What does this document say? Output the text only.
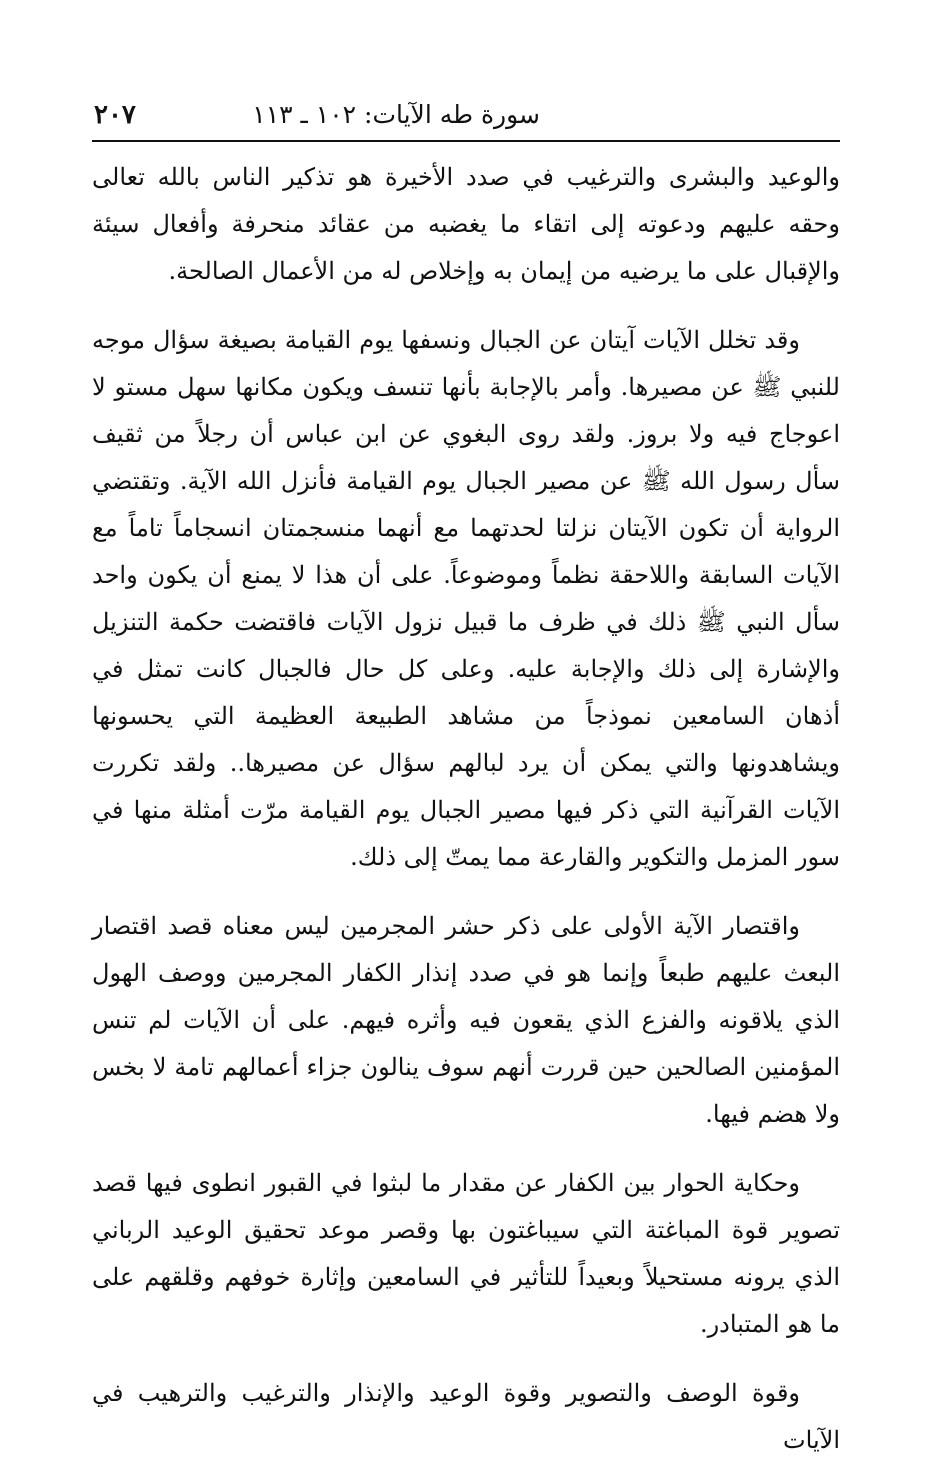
سورة طه الآيات: ١٠٢ ـ ١١٣
٢٠٧

والوعيد والبشرى والترغيب في صدد الأخيرة هو تذكير الناس بالله تعالى وحقه عليهم ودعوته إلى اتقاء ما يغضبه من عقائد منحرفة وأفعال سيئة والإقبال على ما يرضيه من إيمان به وإخلاص له من الأعمال الصالحة.

وقد تخلل الآيات آيتان عن الجبال ونسفها يوم القيامة بصيغة سؤال موجه للنبي ﷺ عن مصيرها. وأمر بالإجابة بأنها تنسف ويكون مكانها سهل مستو لا اعوجاج فيه ولا بروز. ولقد روى البغوي عن ابن عباس أن رجلاً من ثقيف سأل رسول الله ﷺ عن مصير الجبال يوم القيامة فأنزل الله الآية. وتقتضي الرواية أن تكون الآيتان نزلتا لحدتهما مع أنهما منسجمتان انسجاماً تاماً مع الآيات السابقة واللاحقة نظماً وموضوعاً. على أن هذا لا يمنع أن يكون واحد سأل النبي ﷺ ذلك في ظرف ما قبيل نزول الآيات فاقتضت حكمة التنزيل والإشارة إلى ذلك والإجابة عليه. وعلى كل حال فالجبال كانت تمثل في أذهان السامعين نموذجاً من مشاهد الطبيعة العظيمة التي يحسونها ويشاهدونها والتي يمكن أن يرد لبالهم سؤال عن مصيرها.. ولقد تكررت الآيات القرآنية التي ذكر فيها مصير الجبال يوم القيامة مرّت أمثلة منها في سور المزمل والتكوير والقارعة مما يمتّ إلى ذلك.

واقتصار الآية الأولى على ذكر حشر المجرمين ليس معناه قصد اقتصار البعث عليهم طبعاً وإنما هو في صدد إنذار الكفار المجرمين ووصف الهول الذي يلاقونه والفزع الذي يقعون فيه وأثره فيهم. على أن الآيات لم تنس المؤمنين الصالحين حين قررت أنهم سوف ينالون جزاء أعمالهم تامة لا بخس ولا هضم فيها.

وحكاية الحوار بين الكفار عن مقدار ما لبثوا في القبور انطوى فيها قصد تصوير قوة المباغتة التي سيباغتون بها وقصر موعد تحقيق الوعيد الرباني الذي يرونه مستحيلاً وبعيداً للتأثير في السامعين وإثارة خوفهم وقلقهم على ما هو المتبادر.

وقوة الوصف والتصوير وقوة الوعيد والإنذار والترغيب والترهيب في الآيات
